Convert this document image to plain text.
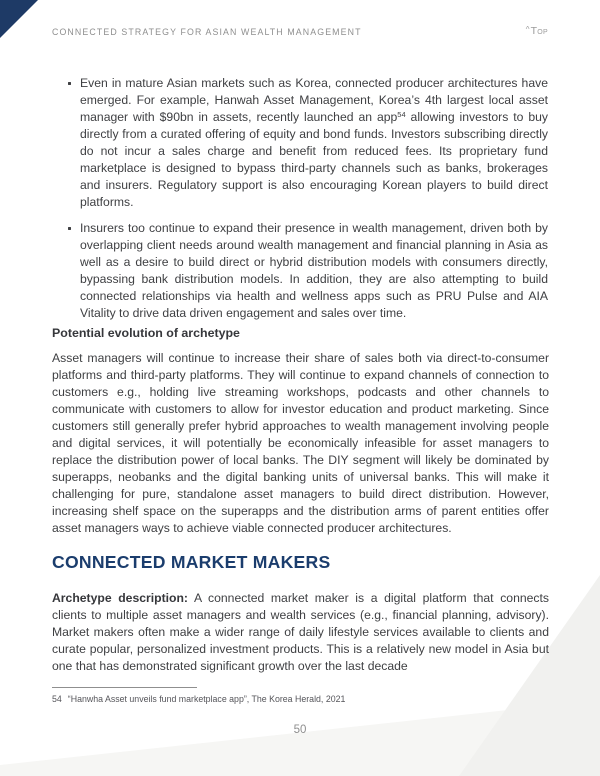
CONNECTED STRATEGY FOR ASIAN WEALTH MANAGEMENT	^Top
Even in mature Asian markets such as Korea, connected producer architectures have emerged. For example, Hanwah Asset Management, Korea’s 4th largest local asset manager with $90bn in assets, recently launched an app$^{54}$ allowing investors to buy directly from a curated offering of equity and bond funds. Investors subscribing directly do not incur a sales charge and benefit from reduced fees. Its proprietary fund marketplace is designed to bypass third-party channels such as banks, brokerages and insurers. Regulatory support is also encouraging Korean players to build direct platforms.
Insurers too continue to expand their presence in wealth management, driven both by overlapping client needs around wealth management and financial planning in Asia as well as a desire to build direct or hybrid distribution models with consumers directly, bypassing bank distribution models. In addition, they are also attempting to build connected relationships via health and wellness apps such as PRU Pulse and AIA Vitality to drive data driven engagement and sales over time.
Potential evolution of archetype
Asset managers will continue to increase their share of sales both via direct-to-consumer platforms and third-party platforms. They will continue to expand channels of connection to customers e.g., holding live streaming workshops, podcasts and other channels to communicate with customers to allow for investor education and product marketing. Since customers still generally prefer hybrid approaches to wealth management involving people and digital services, it will potentially be economically infeasible for asset managers to replace the distribution power of local banks. The DIY segment will likely be dominated by superapps, neobanks and the digital banking units of universal banks. This will make it challenging for pure, standalone asset managers to build direct distribution. However, increasing shelf space on the superapps and the distribution arms of parent entities offer asset managers ways to achieve viable connected producer architectures.
CONNECTED MARKET MAKERS
Archetype description: A connected market maker is a digital platform that connects clients to multiple asset managers and wealth services (e.g., financial planning, advisory). Market makers often make a wider range of daily lifestyle services available to clients and curate popular, personalized investment products. This is a relatively new model in Asia but one that has demonstrated significant growth over the last decade
54 “Hanwha Asset unveils fund marketplace app”, The Korea Herald, 2021
50
